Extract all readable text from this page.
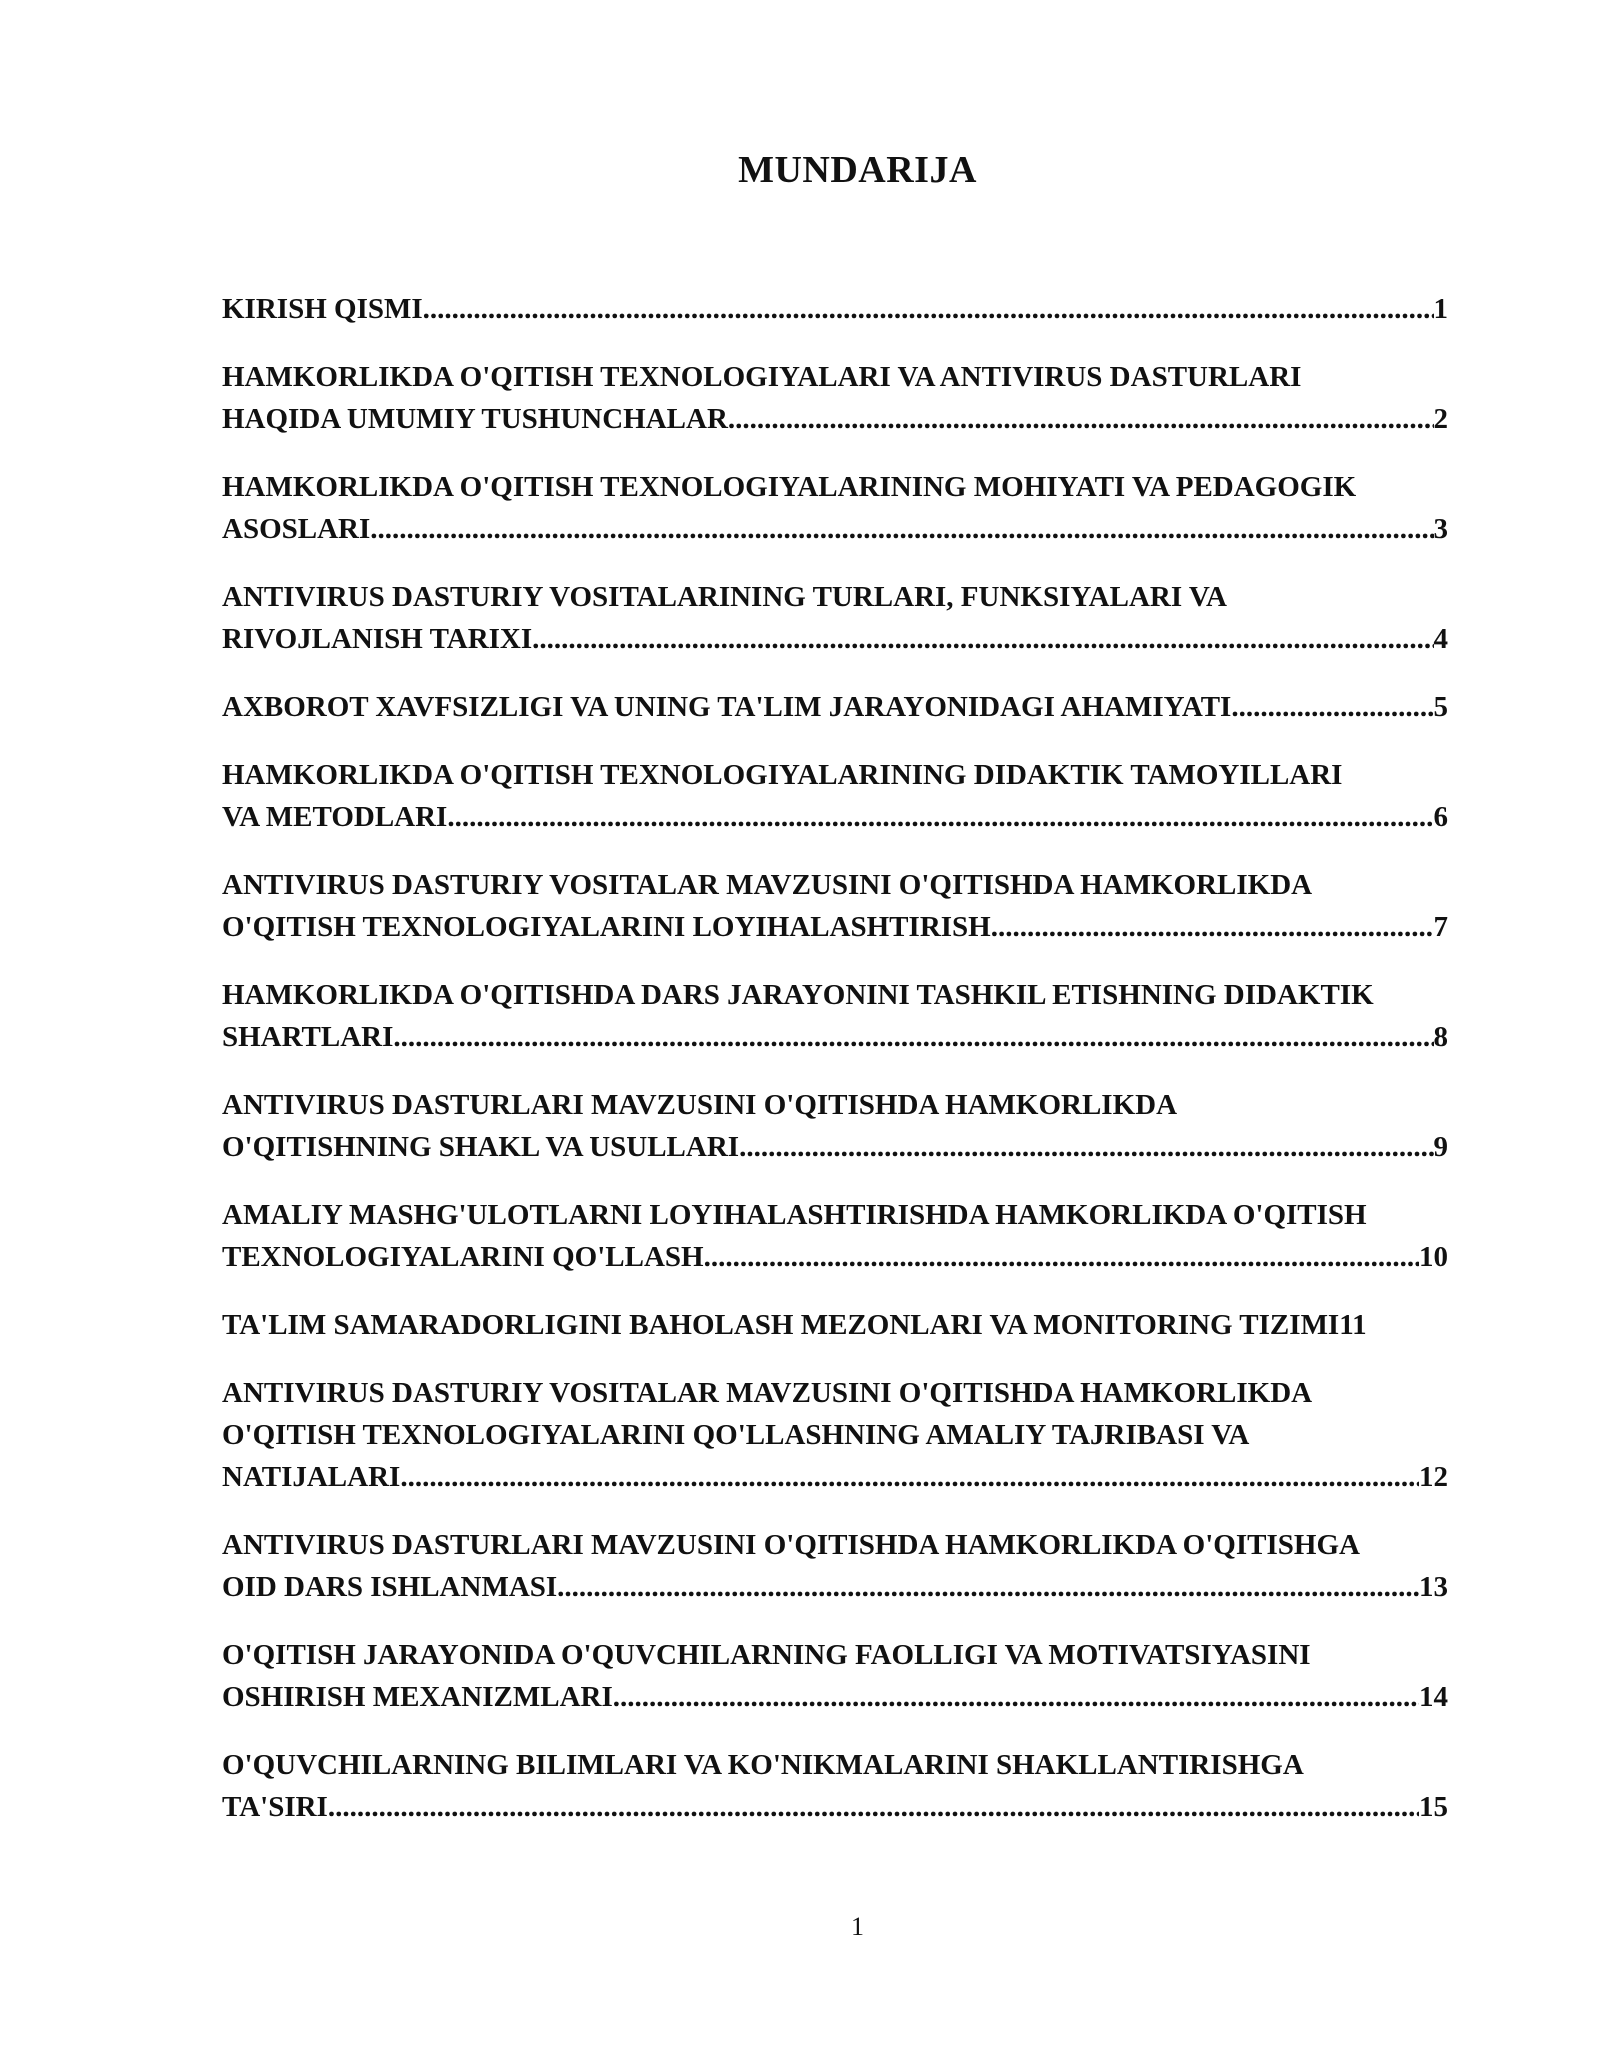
MUNDARIJA
KIRISH QISMI .....	1
HAMKORLIKDA O'QITISH TEXNOLOGIYALARI VA ANTIVIRUS DASTURLARI
HAQIDA UMUMIY TUSHUNCHALAR .....	2
HAMKORLIKDA O'QITISH TEXNOLOGIYALARINING MOHIYATI VA PEDAGOGIK
ASOSLARI .....	3
ANTIVIRUS DASTURIY VOSITALARINING TURLARI, FUNKSIYALARI VA
RIVOJLANISH TARIXI .....	4
AXBOROT XAVFSIZLIGI VA UNING TA'LIM JARAYONIDAGI AHAMIYATI .....	5
HAMKORLIKDA O'QITISH TEXNOLOGIYALARINING DIDAKTIK TAMOYILLARI
VA METODLARI .....	6
ANTIVIRUS DASTURIY VOSITALAR MAVZUSINI O'QITISHDA HAMKORLIKDA
O'QITISH TEXNOLOGIYALARINI LOYIHALASHTIRISH .....	7
HAMKORLIKDA O'QITISHDA DARS JARAYONINI TASHKIL ETISHNING DIDAKTIK
SHARTLARI .....	8
ANTIVIRUS DASTURLARI MAVZUSINI O'QITISHDA HAMKORLIKDA
O'QITISHNING SHAKL VA USULLARI .....	9
AMALIY MASHG'ULOTLARNI LOYIHALASHTIRISHDA HAMKORLIKDA O'QITISH
TEXNOLOGIYALARINI QO'LLASH .....	10
TA'LIM SAMARADORLIGINI BAHOLASH MEZONLARI VA MONITORING TIZIMI 11
ANTIVIRUS DASTURIY VOSITALAR MAVZUSINI O'QITISHDA HAMKORLIKDA
O'QITISH TEXNOLOGIYALARINI QO'LLASHNING AMALIY TAJRIBASI VA
NATIJALARI .....	12
ANTIVIRUS DASTURLARI MAVZUSINI O'QITISHDA HAMKORLIKDA O'QITISHGA
OID DARS ISHLANMASI .....	13
O'QITISH JARAYONIDA O'QUVCHILARNING FAOLLIGI VA MOTIVATSIYASINI
OSHIRISH MEXANIZMLARI .....	14
O'QUVCHILARNING BILIMLARI VA KO'NIKMALARINI SHAKLLANTIRISHGA
TA'SIRI .....	15
1
